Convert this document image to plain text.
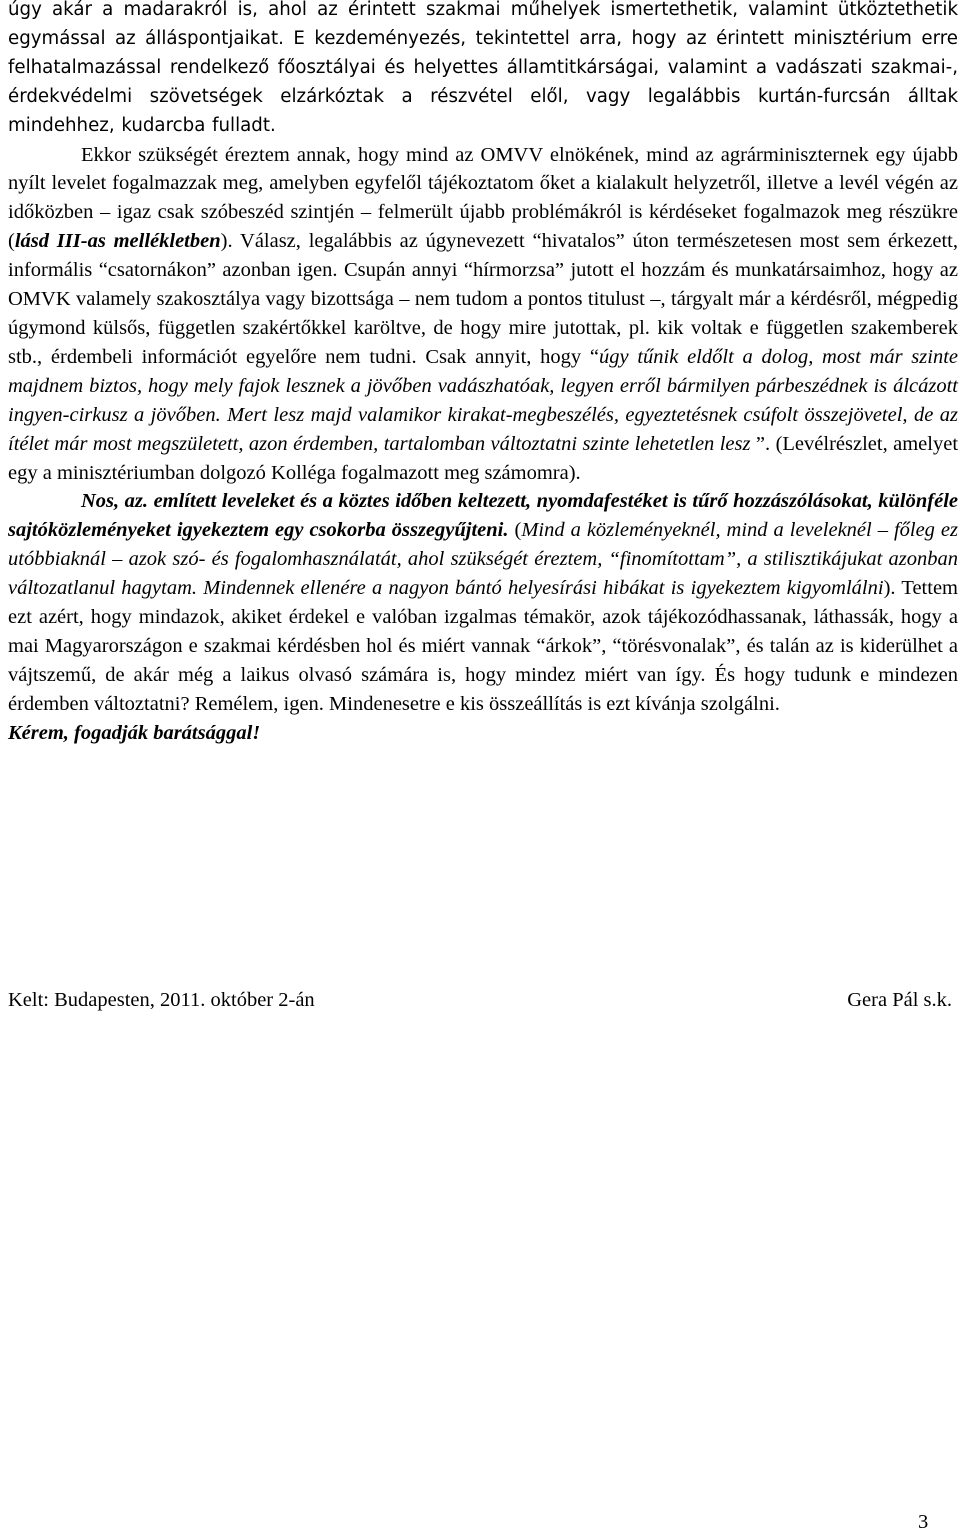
úgy akár a madarakról is, ahol az érintett szakmai műhelyek ismertethetik, valamint ütköztethetik egymással az álláspontjaikat. E kezdeményezés, tekintettel arra, hogy az érintett minisztérium erre felhatalmazással rendelkező főosztályai és helyettes államtitkárságai, valamint a vadászati szakmai-, érdekvédelmi szövetségek elzárkóztak a részvétel elől, vagy legalábbis kurtán-furcsán álltak mindehhez, kudarcba fulladt.

Ekkor szükségét éreztem annak, hogy mind az OMVV elnökének, mind az agrárminiszternek egy újabb nyílt levelet fogalmazzak meg, amelyben egyfelől tájékoztatom őket a kialakult helyzetről, illetve a levél végén az időközben – igaz csak szóbeszéd szintjén – felmerült újabb problémákról is kérdéseket fogalmazok meg részükre (lásd III-as mellékletben). Válasz, legalábbis az úgynevezett “hivatalos” úton természetesen most sem érkezett, informális “csatornákon” azonban igen. Csupán annyi “hírmorzsa” jutott el hozzám és munkatársaimhoz, hogy az OMVK valamely szakosztálya vagy bizottsága – nem tudom a pontos titulust –, tárgyalt már a kérdésről, mégpedig úgymond külsős, független szakértőkkel karöltve, de hogy mire jutottak, pl. kik voltak e független szakemberek stb., érdembeli információt egyelőre nem tudni. Csak annyit, hogy “úgy tűnik eldőlt a dolog, most már szinte majdnem biztos, hogy mely fajok lesznek a jövőben vadászhatóak, legyen erről bármilyen párbeszédnek is álcázott ingyen-cirkusz a jövőben. Mert lesz majd valamikor kirakat-megbeszélés, egyeztetésnek csúfolt összejövetel, de az ítélet már most megszületett, azon érdemben, tartalomban változtatni szinte lehetetlen lesz ”. (Levélrészlet, amelyet egy a minisztériumban dolgozó Kolléga fogalmazott meg számomra).

Nos, az. említett leveleket és a köztes időben keltezett, nyomdafestéket is tűrő hozzászólásokat, különféle sajtóközleményeket igyekeztem egy csokorba összegyűjteni. (Mind a közleményeknél, mind a leveleknél – főleg ez utóbbiaknál – azok szó- és fogalomhasználatát, ahol szükségét éreztem, “finomítottam”, a stilisztikájukat azonban változatlanul hagytam. Mindennek ellenére a nagyon bántó helyesírási hibákat is igyekeztem kigyomlálni). Tettem ezt azért, hogy mindazok, akiket érdekel e valóban izgalmas témakör, azok tájékozódhassanak, láthassák, hogy a mai Magyarországon e szakmai kérdésben hol és miért vannak “árkok”, “törésvonalak”, és talán az is kiderülhet a vájtszemű, de akár még a laikus olvasó számára is, hogy mindez miért van így. És hogy tudunk e mindezen érdemben változtatni? Remélem, igen. Mindenesetre e kis összeállítás is ezt kívánja szolgálni.

Kérem, fogadják barátsággal!

Kelt: Budapesten, 2011. október 2-án	Gera Pál s.k.
3
